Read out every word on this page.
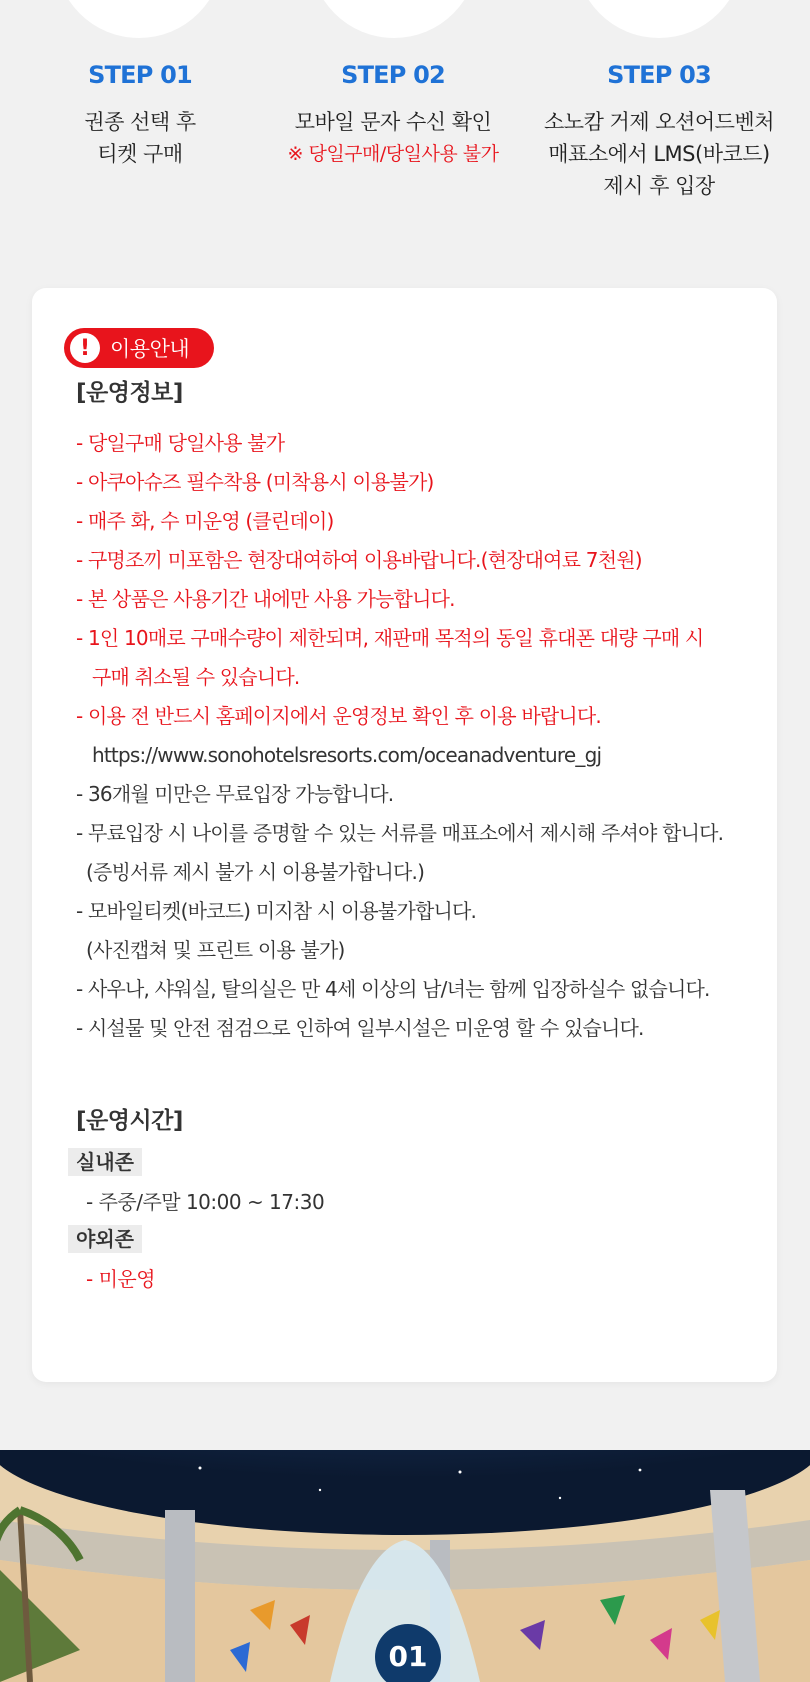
STEP 01
권종 선택 후
티켓 구매
STEP 02
모바일 문자 수신 확인
※ 당일구매/당일사용 불가
STEP 03
소노캄 거제 오션어드벤처
매표소에서 LMS(바코드)
제시 후 입장
! 이용안내
[운영정보]
- 당일구매 당일사용 불가
- 아쿠아슈즈 필수착용 (미착용시 이용불가)
- 매주 화, 수 미운영 (클린데이)
- 구명조끼 미포함은 현장대여하여 이용바랍니다.(현장대여료 7천원)
- 본 상품은 사용기간 내에만 사용 가능합니다.
- 1인 10매로 구매수량이 제한되며, 재판매 목적의 동일 휴대폰 대량 구매 시
구매 취소될 수 있습니다.
- 이용 전 반드시 홈페이지에서 운영정보 확인 후 이용 바랍니다.
https://www.sonohotelsresorts.com/oceanadventure_gj
- 36개월 미만은 무료입장 가능합니다.
- 무료입장 시 나이를 증명할 수 있는 서류를 매표소에서 제시해 주셔야 합니다.
(증빙서류 제시 불가 시 이용불가합니다.)
- 모바일티켓(바코드) 미지참 시 이용불가합니다.
(사진캡쳐 및 프린트 이용 불가)
- 사우나, 샤워실, 탈의실은 만 4세 이상의 남/녀는 함께 입장하실수 없습니다.
- 시설물 및 안전 점검으로 인하여 일부시설은 미운영 할 수 있습니다.
[운영시간]
실내존
- 주중/주말 10:00 ~ 17:30
야외존
- 미운영
01
